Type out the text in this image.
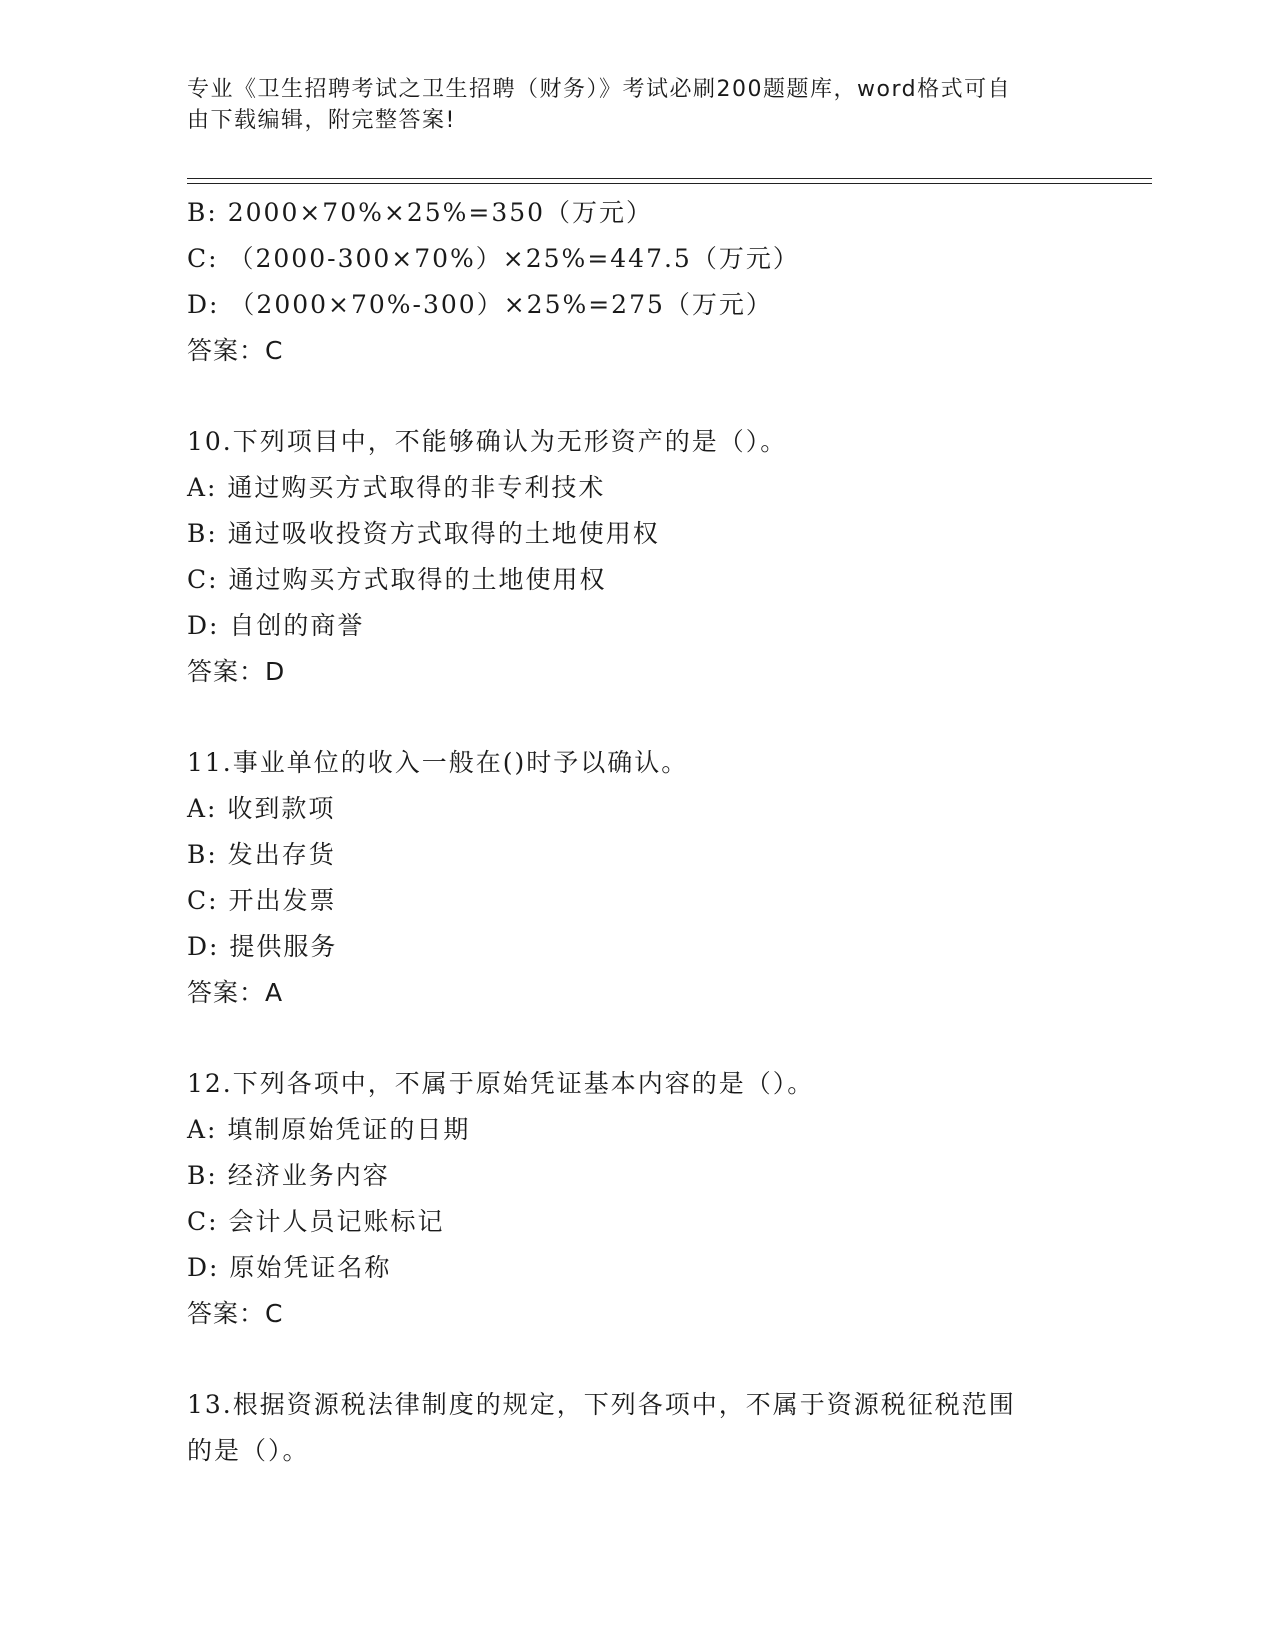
专业《卫生招聘考试之卫生招聘（财务）》考试必刷200题题库，word格式可自
由下载编辑，附完整答案!
B: 2000×70%×25%=350（万元）
C: （2000-300×70%）×25%=447.5（万元）
D: （2000×70%-300）×25%=275（万元）
答案：C
10.下列项目中，不能够确认为无形资产的是（）。
A: 通过购买方式取得的非专利技术
B: 通过吸收投资方式取得的土地使用权
C: 通过购买方式取得的土地使用权
D: 自创的商誉
答案：D
11.事业单位的收入一般在()时予以确认。
A: 收到款项
B: 发出存货
C: 开出发票
D: 提供服务
答案：A
12.下列各项中，不属于原始凭证基本内容的是（）。
A: 填制原始凭证的日期
B: 经济业务内容
C: 会计人员记账标记
D: 原始凭证名称
答案：C
13.根据资源税法律制度的规定，下列各项中，不属于资源税征税范围
的是（）。
